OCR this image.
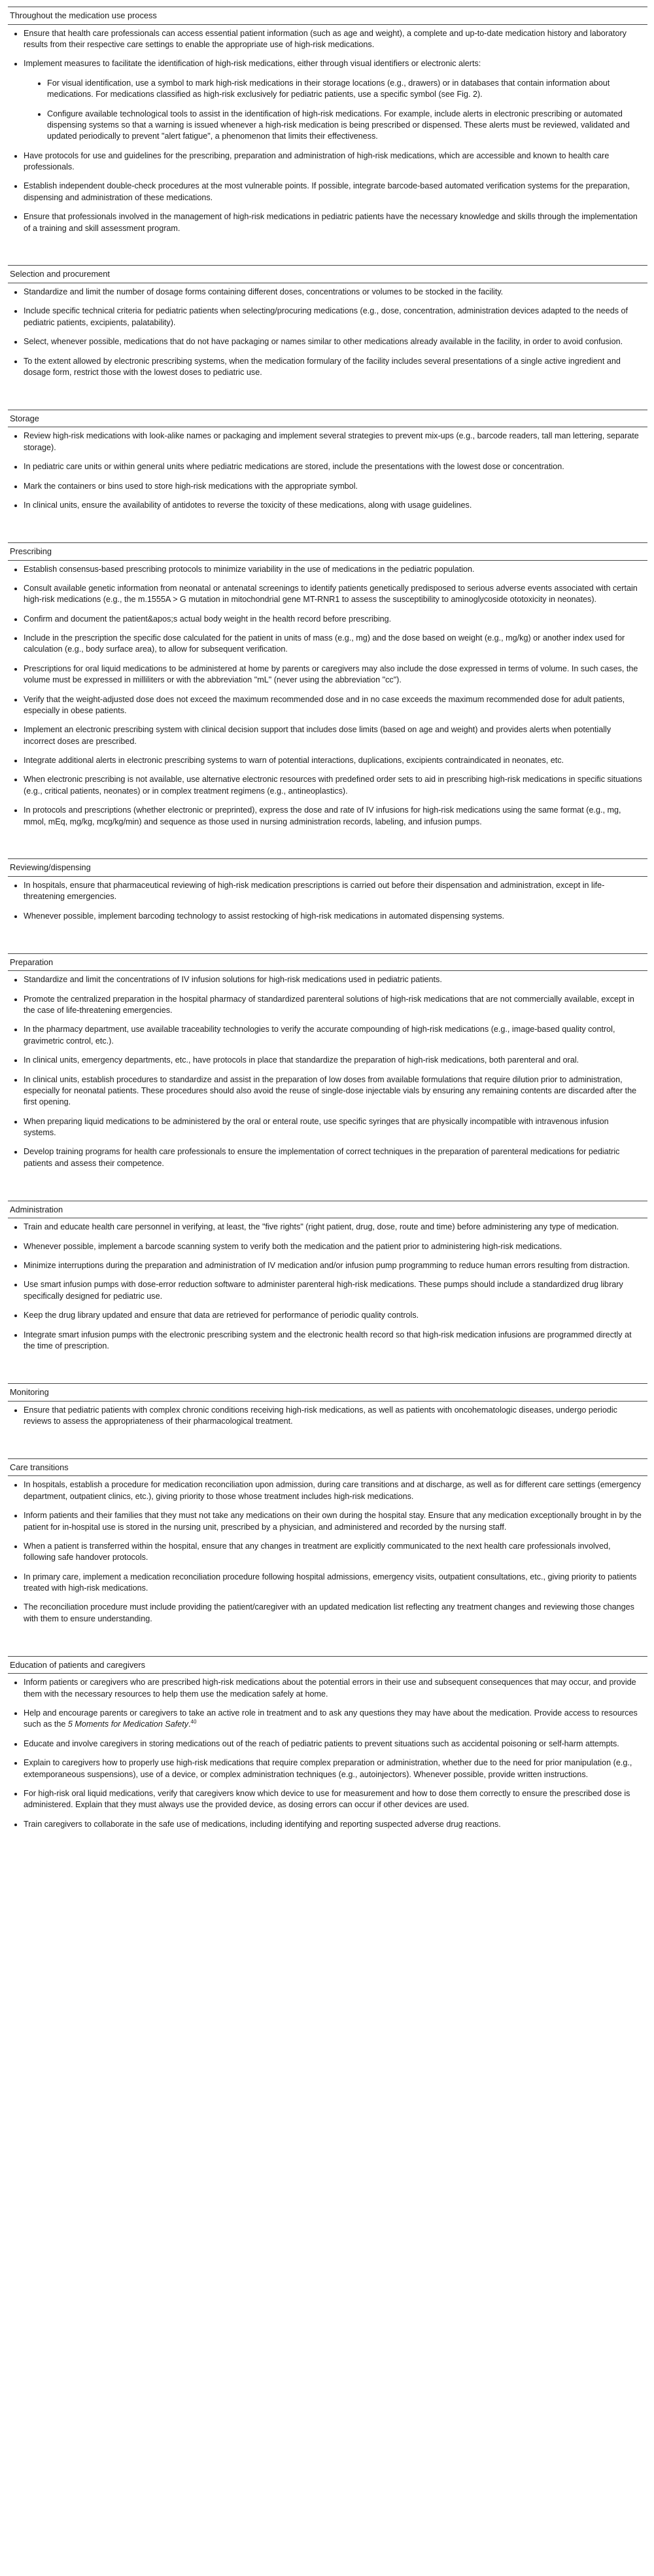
Throughout the medication use process

Ensure that health care professionals can access essential patient information (such as age and weight), a complete and up-to-date medication history and laboratory results from their respective care settings to enable the appropriate use of high-risk medications.
Implement measures to facilitate the identification of high-risk medications, either through visual identifiers or electronic alerts:
For visual identification, use a symbol to mark high-risk medications in their storage locations (e.g., drawers) or in databases that contain information about medications. For medications classified as high-risk exclusively for pediatric patients, use a specific symbol (see Fig. 2).
Configure available technological tools to assist in the identification of high-risk medications. For example, include alerts in electronic prescribing or automated dispensing systems so that a warning is issued whenever a high-risk medication is being prescribed or dispensed. These alerts must be reviewed, validated and updated periodically to prevent "alert fatigue", a phenomenon that limits their effectiveness.
Have protocols for use and guidelines for the prescribing, preparation and administration of high-risk medications, which are accessible and known to health care professionals.
Establish independent double-check procedures at the most vulnerable points. If possible, integrate barcode-based automated verification systems for the preparation, dispensing and administration of these medications.
Ensure that professionals involved in the management of high-risk medications in pediatric patients have the necessary knowledge and skills through the implementation of a training and skill assessment program.

Selection and procurement

Standardize and limit the number of dosage forms containing different doses, concentrations or volumes to be stocked in the facility.
Include specific technical criteria for pediatric patients when selecting/procuring medications (e.g., dose, concentration, administration devices adapted to the needs of pediatric patients, excipients, palatability).
Select, whenever possible, medications that do not have packaging or names similar to other medications already available in the facility, in order to avoid confusion.
To the extent allowed by electronic prescribing systems, when the medication formulary of the facility includes several presentations of a single active ingredient and dosage form, restrict those with the lowest doses to pediatric use.

Storage

Review high-risk medications with look-alike names or packaging and implement several strategies to prevent mix-ups (e.g., barcode readers, tall man lettering, separate storage).
In pediatric care units or within general units where pediatric medications are stored, include the presentations with the lowest dose or concentration.
Mark the containers or bins used to store high-risk medications with the appropriate symbol.
In clinical units, ensure the availability of antidotes to reverse the toxicity of these medications, along with usage guidelines.

Prescribing

Establish consensus-based prescribing protocols to minimize variability in the use of medications in the pediatric population.
Consult available genetic information from neonatal or antenatal screenings to identify patients genetically predisposed to serious adverse events associated with certain high-risk medications (e.g., the m.1555A > G mutation in mitochondrial gene MT-RNR1 to assess the susceptibility to aminoglycoside ototoxicity in neonates).
Confirm and document the patient&apos;s actual body weight in the health record before prescribing.
Include in the prescription the specific dose calculated for the patient in units of mass (e.g., mg) and the dose based on weight (e.g., mg/kg) or another index used for calculation (e.g., body surface area), to allow for subsequent verification.
Prescriptions for oral liquid medications to be administered at home by parents or caregivers may also include the dose expressed in terms of volume. In such cases, the volume must be expressed in milliliters or with the abbreviation "mL" (never using the abbreviation "cc").
Verify that the weight-adjusted dose does not exceed the maximum recommended dose and in no case exceeds the maximum recommended dose for adult patients, especially in obese patients.
Implement an electronic prescribing system with clinical decision support that includes dose limits (based on age and weight) and provides alerts when potentially incorrect doses are prescribed.
Integrate additional alerts in electronic prescribing systems to warn of potential interactions, duplications, excipients contraindicated in neonates, etc.
When electronic prescribing is not available, use alternative electronic resources with predefined order sets to aid in prescribing high-risk medications in specific situations (e.g., critical patients, neonates) or in complex treatment regimens (e.g., antineoplastics).
In protocols and prescriptions (whether electronic or preprinted), express the dose and rate of IV infusions for high-risk medications using the same format (e.g., mg, mmol, mEq, mg/kg, mcg/kg/min) and sequence as those used in nursing administration records, labeling, and infusion pumps.

Reviewing/dispensing

In hospitals, ensure that pharmaceutical reviewing of high-risk medication prescriptions is carried out before their dispensation and administration, except in life-threatening emergencies.
Whenever possible, implement barcoding technology to assist restocking of high-risk medications in automated dispensing systems.

Preparation

Standardize and limit the concentrations of IV infusion solutions for high-risk medications used in pediatric patients.
Promote the centralized preparation in the hospital pharmacy of standardized parenteral solutions of high-risk medications that are not commercially available, except in the case of life-threatening emergencies.
In the pharmacy department, use available traceability technologies to verify the accurate compounding of high-risk medications (e.g., image-based quality control, gravimetric control, etc.).
In clinical units, emergency departments, etc., have protocols in place that standardize the preparation of high-risk medications, both parenteral and oral.
In clinical units, establish procedures to standardize and assist in the preparation of low doses from available formulations that require dilution prior to administration, especially for neonatal patients. These procedures should also avoid the reuse of single-dose injectable vials by ensuring any remaining contents are discarded after the first opening.
When preparing liquid medications to be administered by the oral or enteral route, use specific syringes that are physically incompatible with intravenous infusion systems.
Develop training programs for health care professionals to ensure the implementation of correct techniques in the preparation of parenteral medications for pediatric patients and assess their competence.

Administration

Train and educate health care personnel in verifying, at least, the "five rights" (right patient, drug, dose, route and time) before administering any type of medication.
Whenever possible, implement a barcode scanning system to verify both the medication and the patient prior to administering high-risk medications.
Minimize interruptions during the preparation and administration of IV medication and/or infusion pump programming to reduce human errors resulting from distraction.
Use smart infusion pumps with dose-error reduction software to administer parenteral high-risk medications. These pumps should include a standardized drug library specifically designed for pediatric use.
Keep the drug library updated and ensure that data are retrieved for performance of periodic quality controls.
Integrate smart infusion pumps with the electronic prescribing system and the electronic health record so that high-risk medication infusions are programmed directly at the time of prescription.

Monitoring

Ensure that pediatric patients with complex chronic conditions receiving high-risk medications, as well as patients with oncohematologic diseases, undergo periodic reviews to assess the appropriateness of their pharmacological treatment.

Care transitions

In hospitals, establish a procedure for medication reconciliation upon admission, during care transitions and at discharge, as well as for different care settings (emergency department, outpatient clinics, etc.), giving priority to those whose treatment includes high-risk medications.
Inform patients and their families that they must not take any medications on their own during the hospital stay. Ensure that any medication exceptionally brought in by the patient for in-hospital use is stored in the nursing unit, prescribed by a physician, and administered and recorded by the nursing staff.
When a patient is transferred within the hospital, ensure that any changes in treatment are explicitly communicated to the next health care professionals involved, following safe handover protocols.
In primary care, implement a medication reconciliation procedure following hospital admissions, emergency visits, outpatient consultations, etc., giving priority to patients treated with high-risk medications.
The reconciliation procedure must include providing the patient/caregiver with an updated medication list reflecting any treatment changes and reviewing those changes with them to ensure understanding.

Education of patients and caregivers

Inform patients or caregivers who are prescribed high-risk medications about the potential errors in their use and subsequent consequences that may occur, and provide them with the necessary resources to help them use the medication safely at home.
Help and encourage parents or caregivers to take an active role in treatment and to ask any questions they may have about the medication. Provide access to resources such as the 5 Moments for Medication Safety.$^{40}$
Educate and involve caregivers in storing medications out of the reach of pediatric patients to prevent situations such as accidental poisoning or self-harm attempts.
Explain to caregivers how to properly use high-risk medications that require complex preparation or administration, whether due to the need for prior manipulation (e.g., extemporaneous suspensions), use of a device, or complex administration techniques (e.g., autoinjectors). Whenever possible, provide written instructions.
For high-risk oral liquid medications, verify that caregivers know which device to use for measurement and how to dose them correctly to ensure the prescribed dose is administered. Explain that they must always use the provided device, as dosing errors can occur if other devices are used.
Train caregivers to collaborate in the safe use of medications, including identifying and reporting suspected adverse drug reactions.
